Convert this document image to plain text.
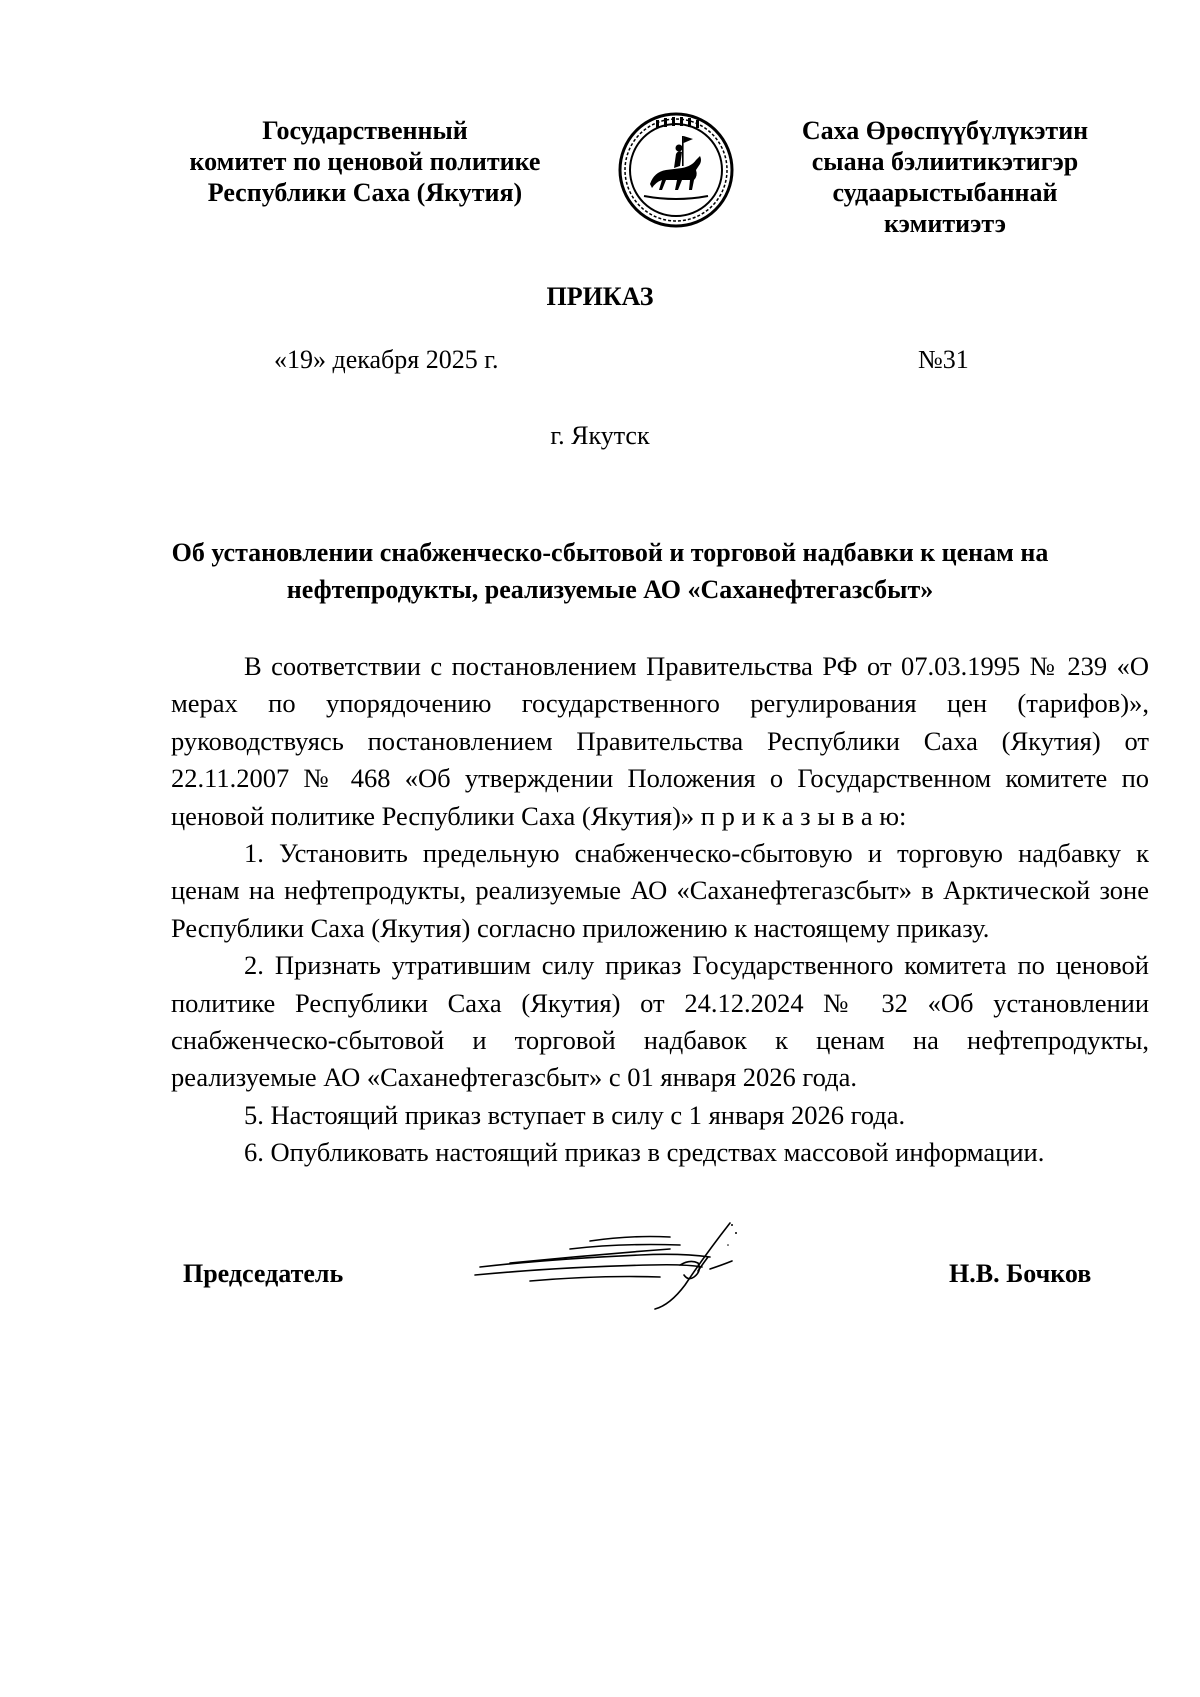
Государственный
комитет по ценовой политике
Республики Саха (Якутия)
Саха Өрөспүүбүлүкэтин
сыана бэлиитикэтигэр
судаарыстыбаннай
кэмитиэтэ
ПРИКАЗ
«19» декабря 2025 г.	№31
г. Якутск
Об установлении снабженческо-сбытовой и торговой надбавки к ценам на нефтепродукты, реализуемые АО «Саханефтегазсбыт»

В соответствии с постановлением Правительства РФ от 07.03.1995 № 239 «О мерах по упорядочению государственного регулирования цен (тарифов)», руководствуясь постановлением Правительства Республики Саха (Якутия) от 22.11.2007 № 468 «Об утверждении Положения о Государственном комитете по ценовой политике Республики Саха (Якутия)» п р и к а з ы в а ю:

1. Установить предельную снабженческо-сбытовую и торговую надбавку к ценам на нефтепродукты, реализуемые АО «Саханефтегазсбыт» в Арктической зоне Республики Саха (Якутия) согласно приложению к настоящему приказу.

2. Признать утратившим силу приказ Государственного комитета по ценовой политике Республики Саха (Якутия) от 24.12.2024 № 32 «Об установлении снабженческо-сбытовой и торговой надбавок к ценам на нефтепродукты, реализуемые АО «Саханефтегазсбыт» с 01 января 2026 года.

5. Настоящий приказ вступает в силу с 1 января 2026 года.

6. Опубликовать настоящий приказ в средствах массовой информации.

Председатель	Н.В. Бочков
